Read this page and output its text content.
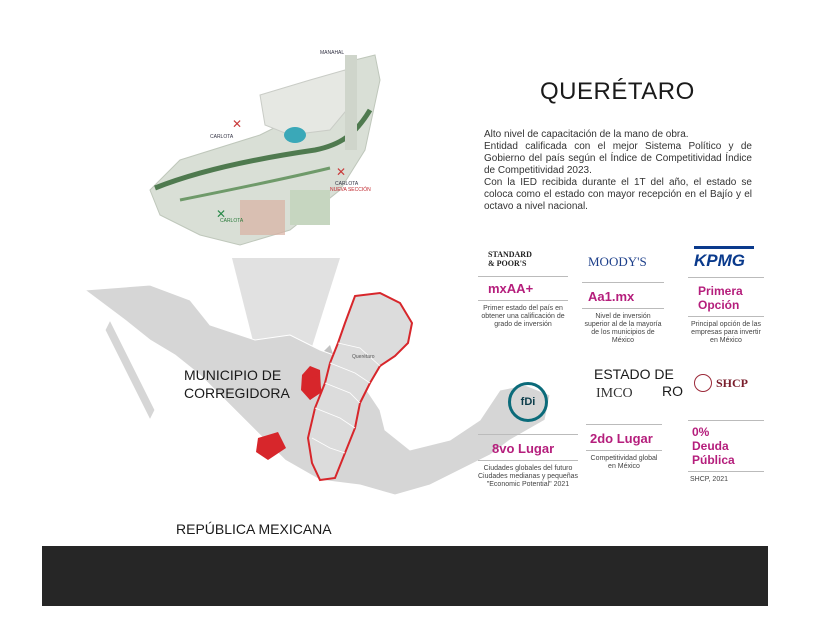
MANAHAL
CARLOTA
CARLOTA
NUEVA SECCIÓN
CARLOTA
✕
✕
✕
Querétaro
Alfa
MUNICIPIO DE
CORREGIDORA
REPÚBLICA MEXICANA
QUERÉTARO
Alto nivel de capacitación de la mano de obra.
Entidad calificada con el mejor Sistema Político y de Gobierno del país según el Índice de Competitividad Índice de Competitividad 2023.
Con la IED recibida durante el 1T del año, el estado se coloca como el estado con mayor recepción en el Bajío y el octavo a nivel nacional.
STANDARD & POOR'S
mxAA+
Primer estado del país en obtener una calificación de grado de inversión
MOODY'S
Aa1.mx
Nivel de inversión superior al de la mayoría de los municipios de México
KPMG
Primera Opción
Principal opción de las empresas para invertir en México
fDi
8vo Lugar
Ciudades globales del futuro Ciudades medianas y pequeñas "Economic Potential" 2021
IMCO
2do Lugar
Competitividad global en México
ESTADO DE
RO
SHCP
0% Deuda Pública
SHCP, 2021
